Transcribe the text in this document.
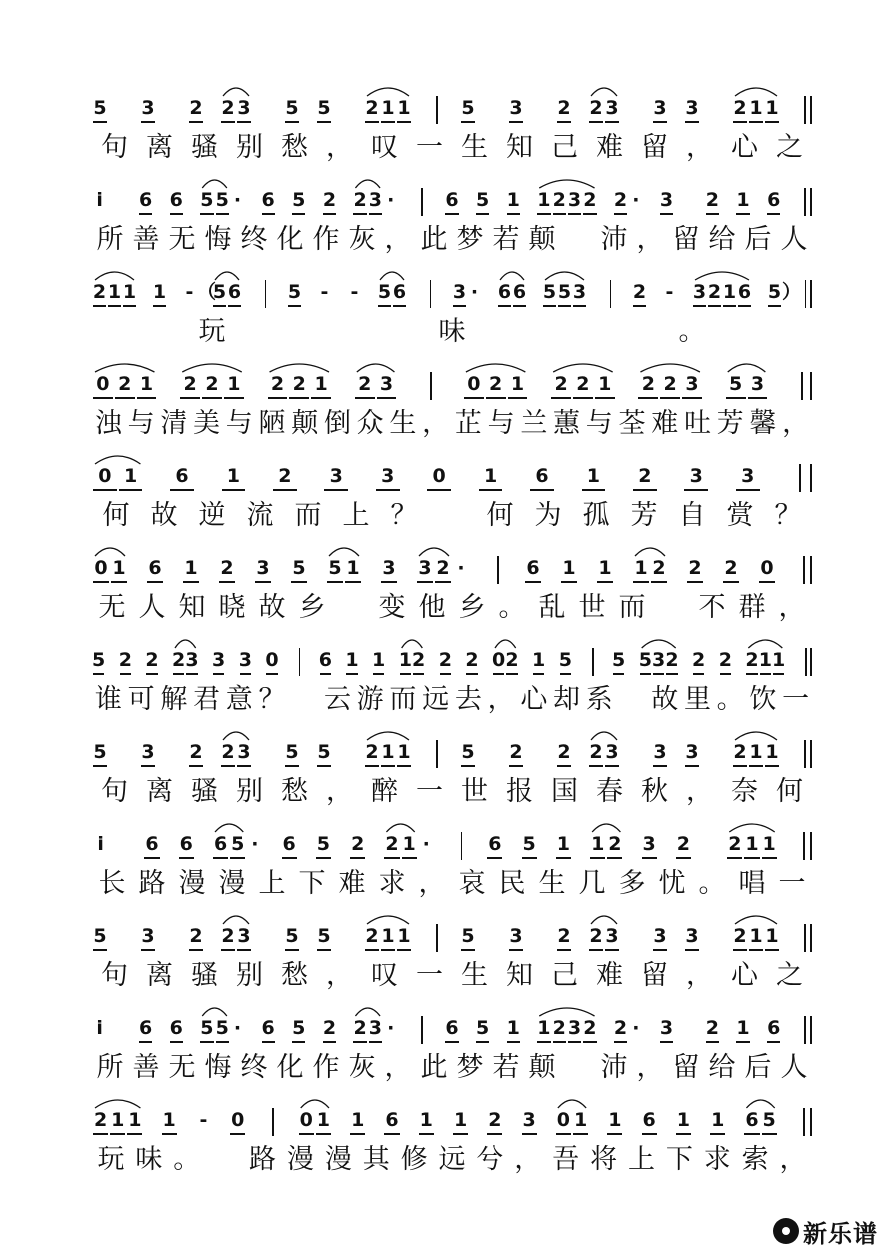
5 3 2 2 3 5 5 2 1 1	5 3 2 2 3 3 3 2 1 1
句 离 骚 别 愁 ， 叹 一 生 知 己 难 留 ， 心 之
i 6 6 5 5 · 6 5 2 2 3 ·	6 5 1 1 2 3 2 2 · 3 2 1 6
所 善 无 悔 终 化 作 灰 ， 此 梦 若 颠 沛 ， 留 给 后 人
2 1 1 1 - （
5 6 5 - - 5 6 3 · 6 6 5 5 3 2 - 3 2 1 6 5 ）
玩	味	。
0 2 1 2 2 1 2 2 1 2 3	0 2 1 2 2 1 2 2 3 5 3
浊 与 清 美 与 陋 颠 倒 众 生 ， 芷 与 兰 蕙 与 荃 难 吐 芳 馨 ，
0 1	6	1	2	3	3	0	1	6	1	2	3	3
何 故 逆 流 而 上 ？	何 为 孤 芳 自 赏 ？
0 1 6 1 2 3 5 5 1 3 3 2 ·	6 1 1 1 2 2 2 0
无 人 知 晓 故 乡 变 他 乡 。 乱 世 而 不 群 ，
5 2 2 2 3 3 3 0 6 1 1 1 2 2 2 0 2 1 5 5 5 3 2 2 2 2 1 1
谁 可 解 君 意 ？ 云 游 而 远 去 ， 心 却 系 故 里 。 饮 一
5 3 2 2 3 5 5 2 1 1	5 2 2 2 3 3 3 2 1 1
句 离 骚 别 愁 ， 醉 一 世 报 国 春 秋 ， 奈 何
i 6 6 6 5 · 6 5 2 2 1 ·	6 5 1 1 2 3 2 2 1 1
长 路 漫 漫 上 下 难 求 ， 哀 民 生 几 多 忧 。 唱 一
5 3 2 2 3 5 5 2 1 1	5 3 2 2 3 3 3 2 1 1
句 离 骚 别 愁 ， 叹 一 生 知 己 难 留 ， 心 之
i 6 6 5 5 · 6 5 2 2 3 ·	6 5 1 1 2 3 2 2 · 3 2 1 6
所 善 无 悔 终 化 作 灰 ， 此 梦 若 颠 沛 ， 留 给 后 人
2 1 1 1 - 0	0 1 1 6 1 1 2 3 0 1 1 6 1 1 6 5
玩 味 。 路 漫 漫 其 修 远 兮 ， 吾 将 上 下 求 索 ，
新乐谱
